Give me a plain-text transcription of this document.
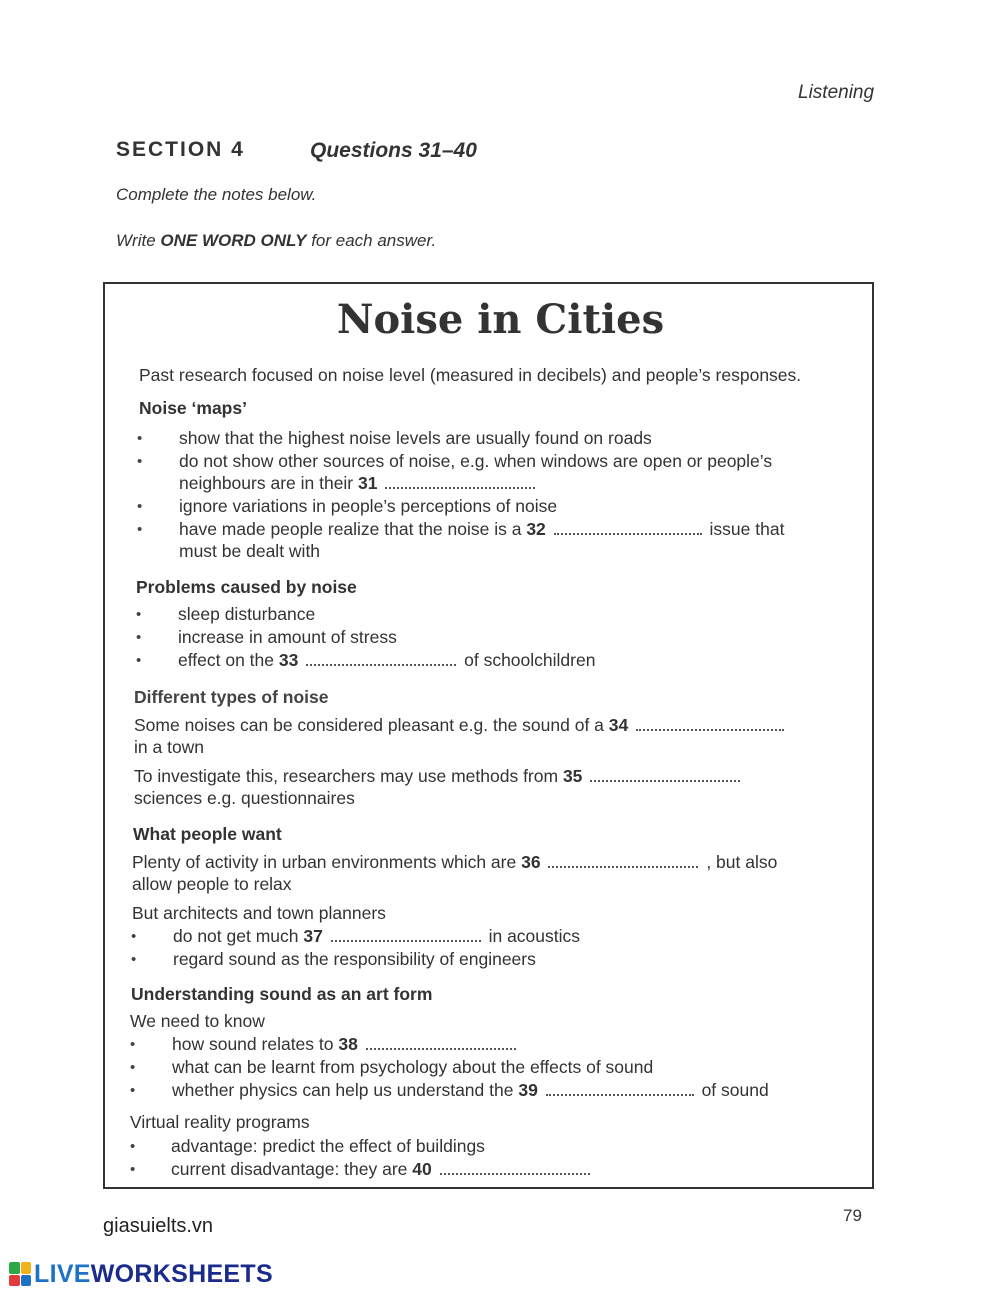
Listening
SECTION 4	Questions 31–40
Complete the notes below.
Write ONE WORD ONLY for each answer.
Noise in Cities
Past research focused on noise level (measured in decibels) and people’s responses.
Noise ‘maps’
• show that the highest noise levels are usually found on roads
• do not show other sources of noise, e.g. when windows are open or people’s
neighbours are in their 31
• ignore variations in people’s perceptions of noise
• have made people realize that the noise is a 32	issue that
must be dealt with
Problems caused by noise
• sleep disturbance
• increase in amount of stress
• effect on the 33	of schoolchildren
Different types of noise
Some noises can be considered pleasant e.g. the sound of a 34
in a town
To investigate this, researchers may use methods from 35
sciences e.g. questionnaires
What people want
Plenty of activity in urban environments which are 36	, but also
allow people to relax
But architects and town planners
• do not get much 37	in acoustics
• regard sound as the responsibility of engineers
Understanding sound as an art form
We need to know
• how sound relates to 38
• what can be learnt from psychology about the effects of sound
• whether physics can help us understand the 39	of sound
Virtual reality programs
• advantage: predict the effect of buildings
• current disadvantage: they are 40
giasuielts.vn	79
LIVEWORKSHEETS
